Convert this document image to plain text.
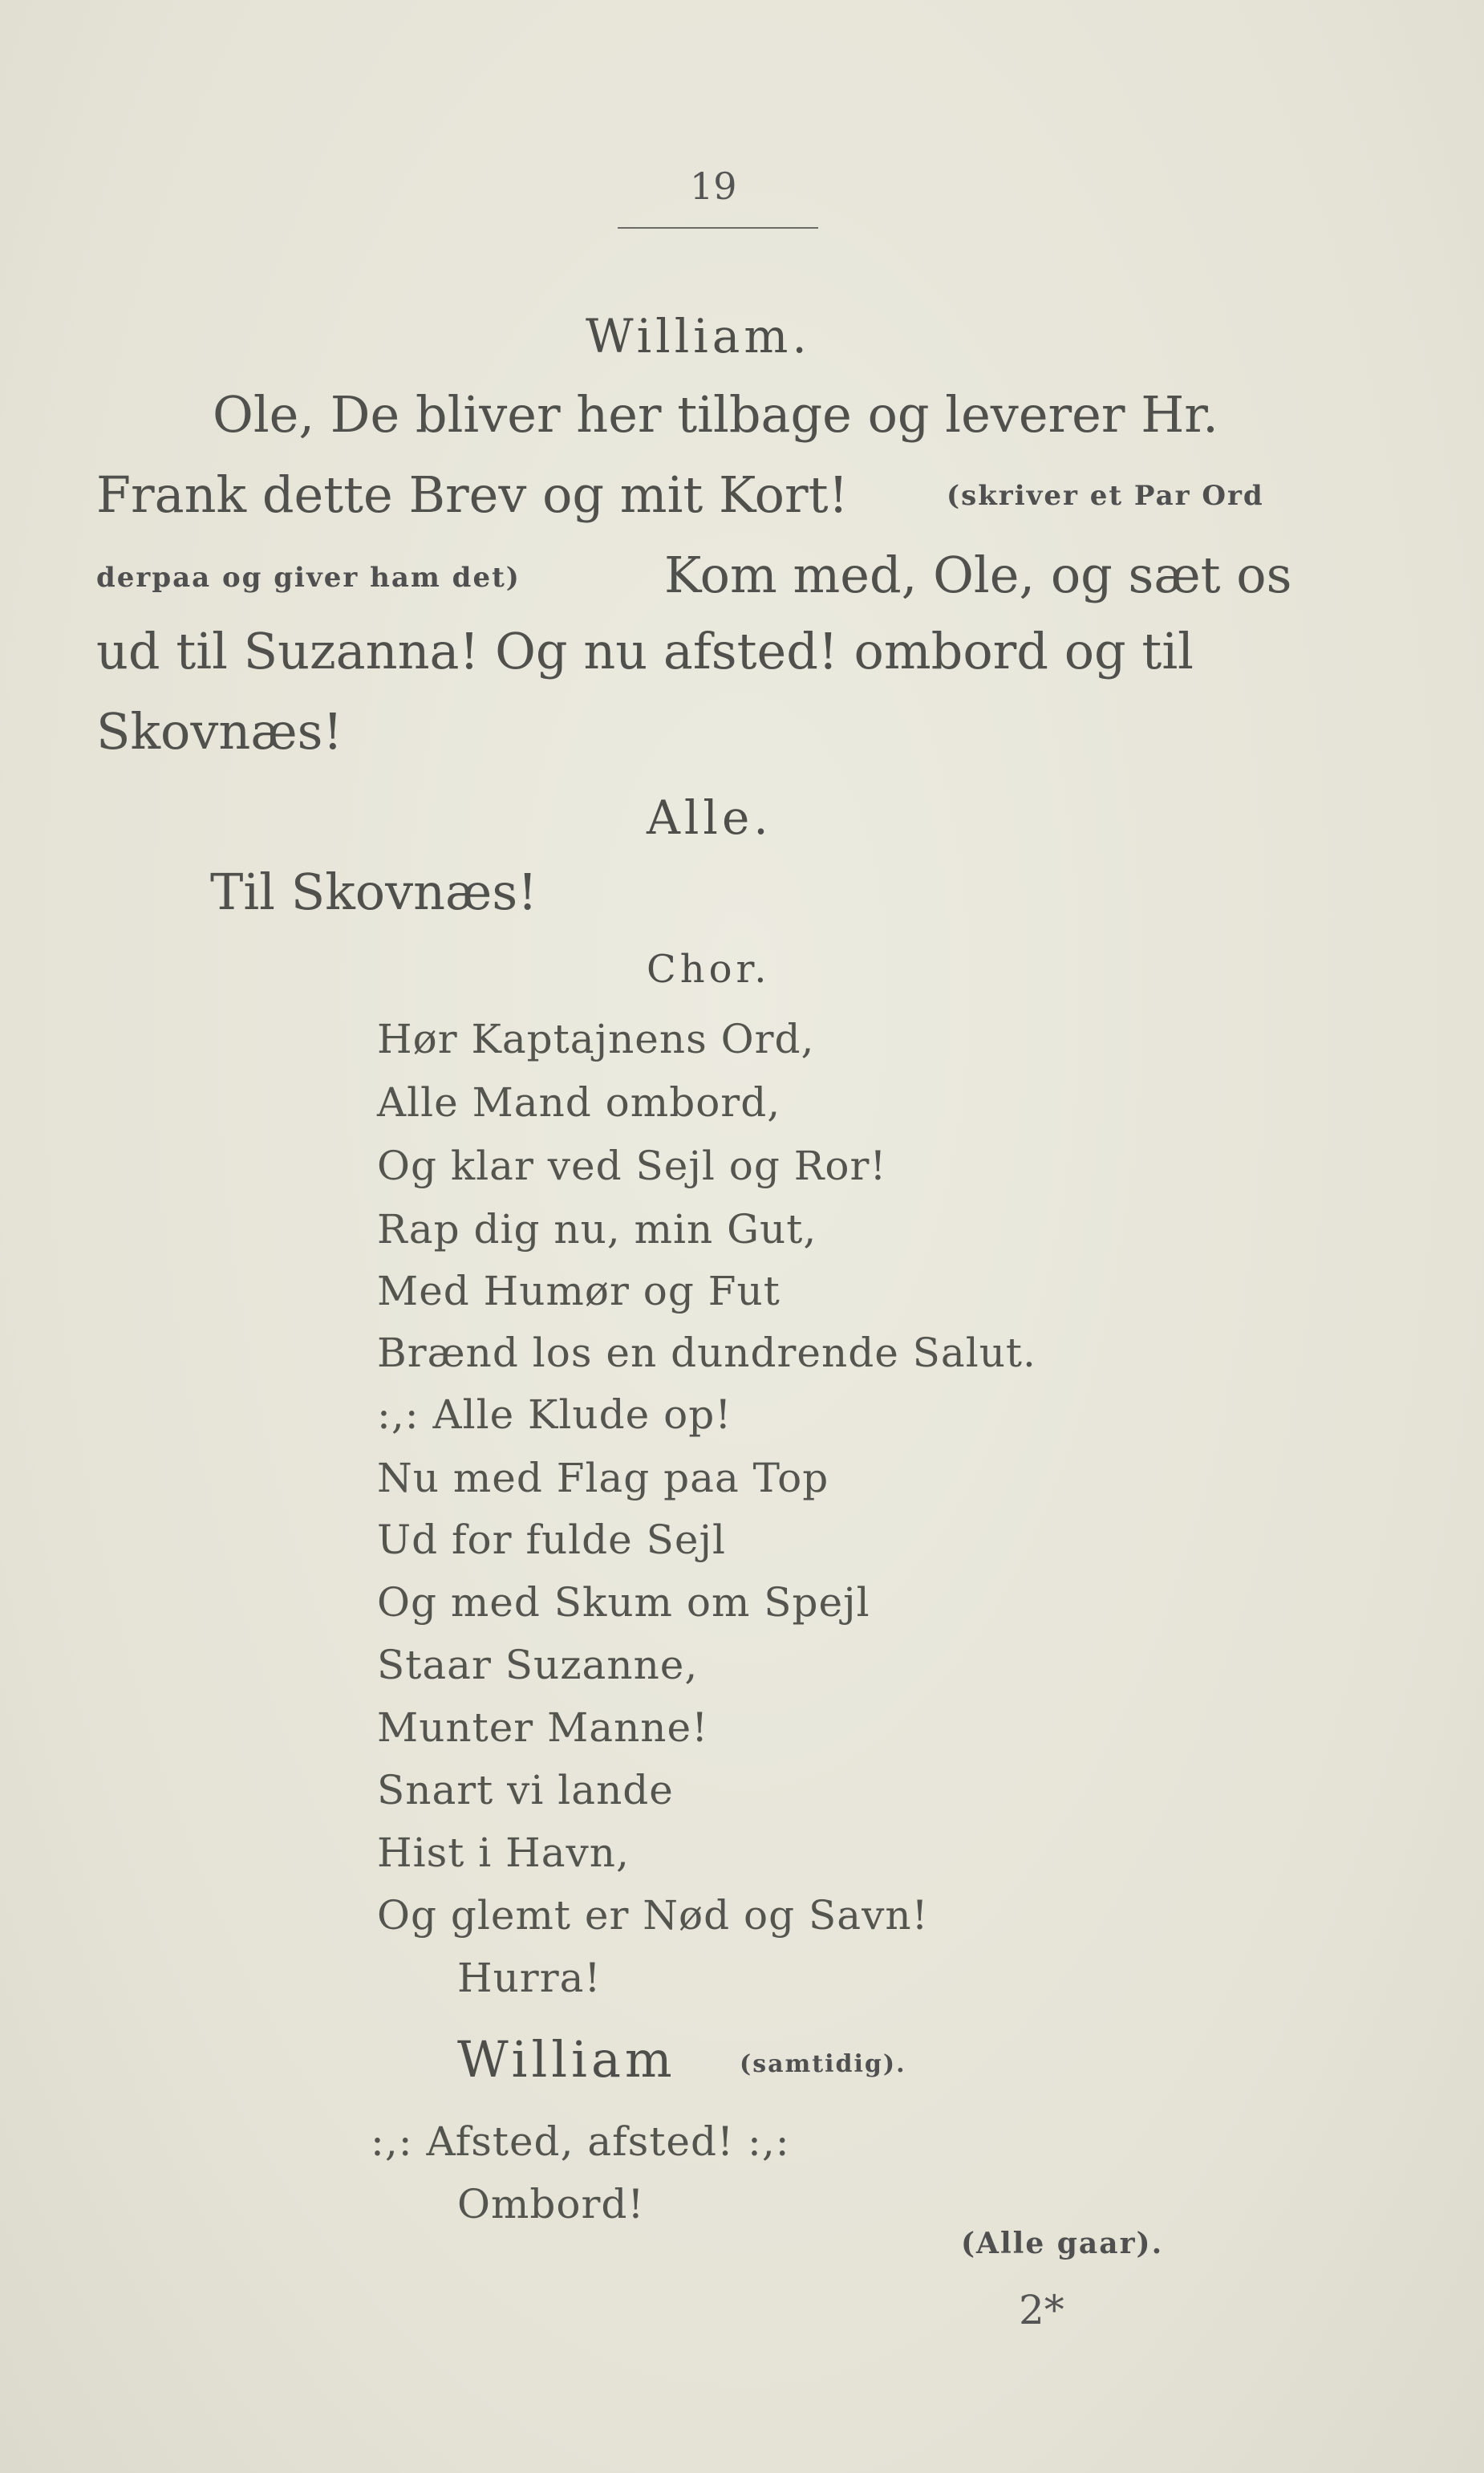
19
William.
Ole, De bliver her tilbage og leverer Hr.
Frank dette Brev og mit Kort!	(skriver et Par Ord
derpaa og giver ham det)	Kom med, Ole, og sæt os
ud til Suzanna! Og nu afsted! ombord og til
Skovnæs!
Alle.
Til Skovnæs!
Chor.
Hør Kaptajnens Ord,
Alle Mand ombord,
Og klar ved Sejl og Ror!
Rap dig nu, min Gut,
Med Humør og Fut
Brænd los en dundrende Salut.
:,: Alle Klude op!
Nu med Flag paa Top
Ud for fulde Sejl
Og med Skum om Spejl
Staar Suzanne,
Munter Manne!
Snart vi lande
Hist i Havn,
Og glemt er Nød og Savn!
Hurra!
William	(samtidig).
:,: Afsted, afsted! :,:
Ombord!
(Alle gaar).
2*
